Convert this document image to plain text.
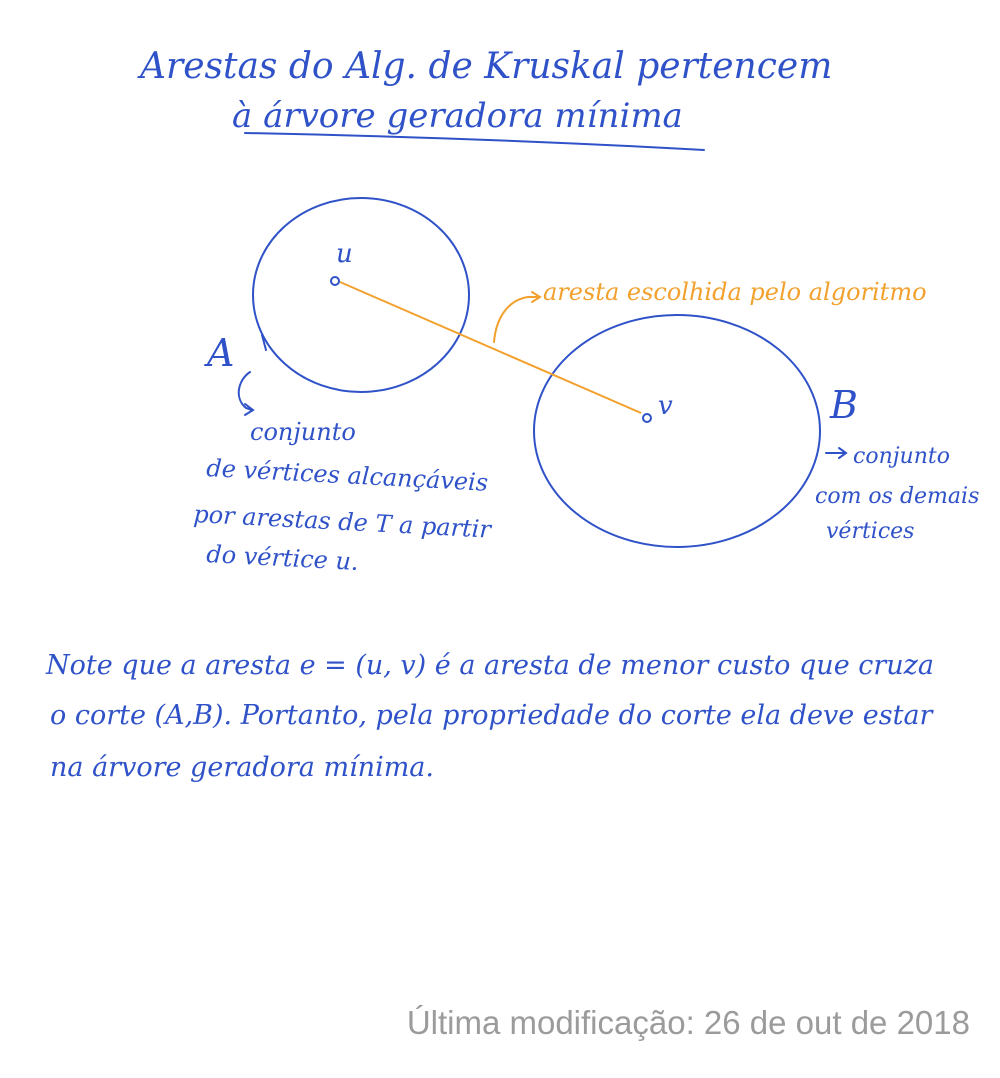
Arestas do Alg. de Kruskal pertencem
à árvore geradora mínima
u
v
A
B
aresta escolhida pelo algoritmo
conjunto
de vértices alcançáveis
por arestas de T a partir
do vértice u.
conjunto
com os demais
vértices
Note que a aresta e = (u, v) é a aresta de menor custo que cruza
o corte (A,B). Portanto, pela propriedade do corte ela deve estar
na árvore geradora mínima.
Última modificação: 26 de out de 2018
